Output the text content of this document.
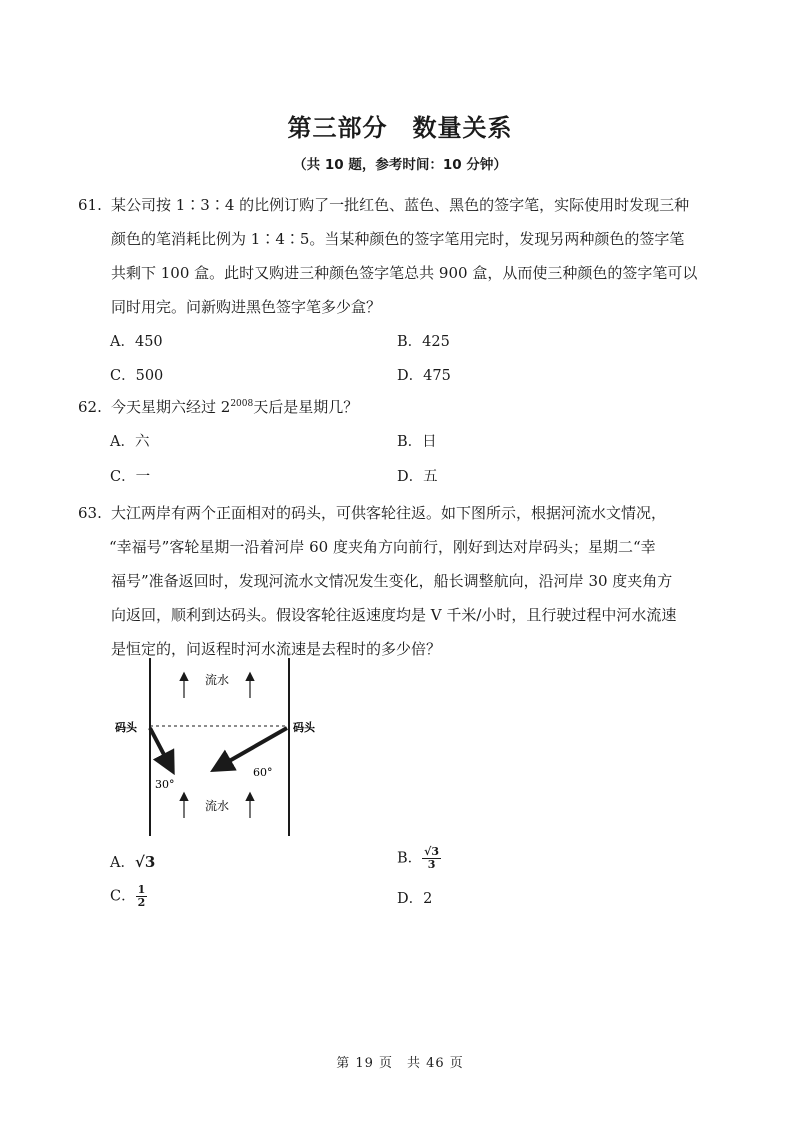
第三部分　数量关系
（共 10 题，参考时间：10 分钟）
61. 某公司按 1∶3∶4 的比例订购了一批红色、蓝色、黑色的签字笔，实际使用时发现三种

颜色的笔消耗比例为 1∶4∶5。当某种颜色的签字笔用完时，发现另两种颜色的签字笔

共剩下 100 盒。此时又购进三种颜色签字笔总共 900 盒，从而使三种颜色的签字笔可以

同时用完。问新购进黑色签字笔多少盒？

A．450	B．425
C．500	D．475
62. 今天星期六经过 $2^{2008}$天后是星期几？

A．六	B．日
C．一	D．五
63. 大江两岸有两个正面相对的码头，可供客轮往返。如下图所示，根据河流水文情况，

“幸福号”客轮星期一沿着河岸 60 度夹角方向前行，刚好到达对岸码头；星期二“幸

福号”准备返回时，发现河流水文情况发生变化，船长调整航向，沿河岸 30 度夹角方

向返回，顺利到达码头。假设客轮往返速度均是 V 千米/小时，且行驶过程中河水流速

是恒定的，问返程时河水流速是去程时的多少倍？

流水
流水
码头	码头
30°
60°
A．√3	B． $\frac{√3}{3}$
C． $\frac{1}{2}$	D．2
第 19 页　共 46 页
